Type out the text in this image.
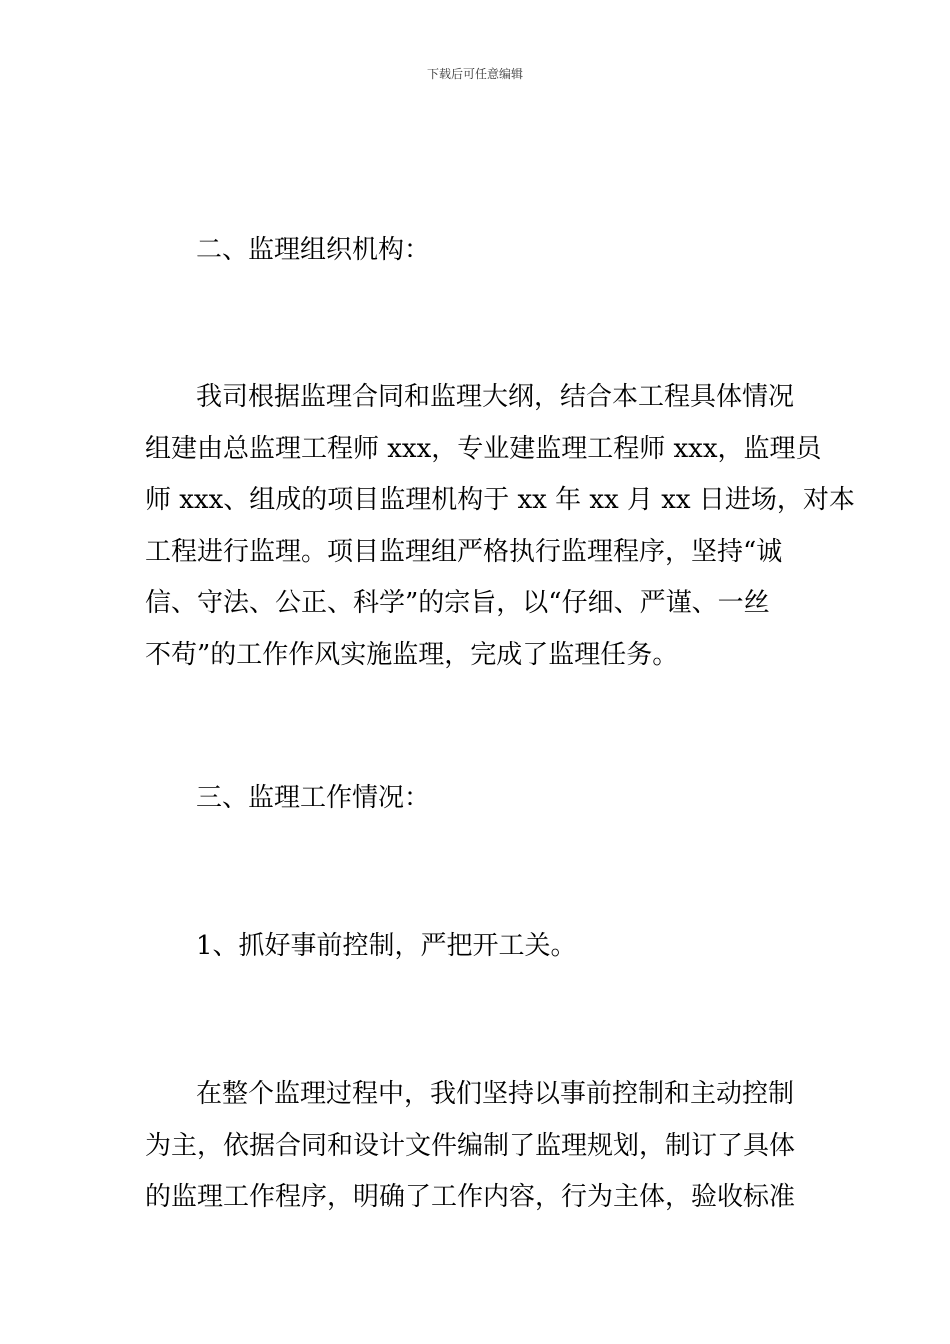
下载后可任意编辑
二、监理组织机构：
我司根据监理合同和监理大纲，结合本工程具体情况
组建由总监理工程师 xxx，专业建监理工程师 xxx，监理员
师 xxx、组成的项目监理机构于 xx 年 xx 月 xx 日进场，对本
工程进行监理。项目监理组严格执行监理程序，坚持“诚
信、守法、公正、科学”的宗旨，以“仔细、严谨、一丝
不苟”的工作作风实施监理，完成了监理任务。
三、监理工作情况：
1、抓好事前控制，严把开工关。
在整个监理过程中，我们坚持以事前控制和主动控制
为主，依据合同和设计文件编制了监理规划，制订了具体
的监理工作程序，明确了工作内容，行为主体，验收标准
